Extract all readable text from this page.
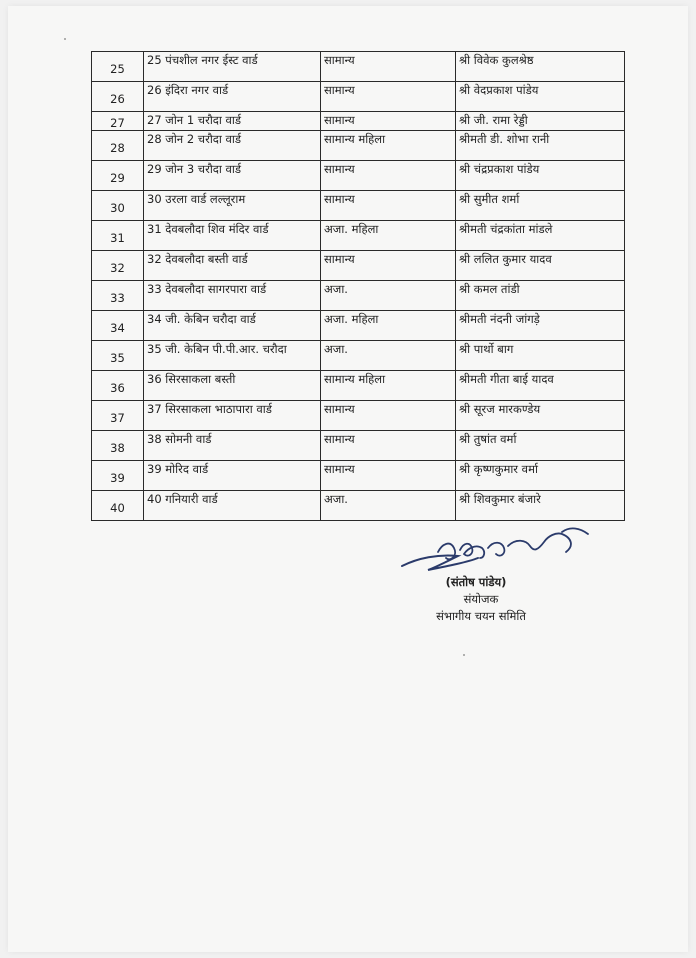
25	25 पंचशील नगर ईस्ट वार्ड	सामान्य	श्री विवेक कुलश्रेष्ठ
26	26 इंदिरा नगर वार्ड	सामान्य	श्री वेदप्रकाश पांडेय
27	27 जोन 1 चरौदा वार्ड	सामान्य	श्री जी. रामा रेड्डी
28	28 जोन 2 चरौदा वार्ड	सामान्य महिला	श्रीमती डी. शोभा रानी
29	29 जोन 3 चरौदा वार्ड	सामान्य	श्री चंद्रप्रकाश पांडेय
30	30 उरला वार्ड लल्लूराम	सामान्य	श्री सुमीत शर्मा
31	31 देवबलौदा शिव मंदिर वार्ड	अजा. महिला	श्रीमती चंद्रकांता मांडले
32	32 देवबलौदा बस्ती वार्ड	सामान्य	श्री ललित कुमार यादव
33	33 देवबलौदा सागरपारा वार्ड	अजा.	श्री कमल तांडी
34	34 जी. केबिन चरौदा वार्ड	अजा. महिला	श्रीमती नंदनी जांगड़े
35	35 जी. केबिन पी.पी.आर. चरौदा	अजा.	श्री पार्थो बाग
36	36 सिरसाकला बस्ती	सामान्य महिला	श्रीमती गीता बाई यादव
37	37 सिरसाकला भाठापारा वार्ड	सामान्य	श्री सूरज मारकण्डेय
38	38 सोमनी वार्ड	सामान्य	श्री तुषांत वर्मा
39	39 मोरिद वार्ड	सामान्य	श्री कृष्णकुमार वर्मा
40	40 गनियारी वार्ड	अजा.	श्री शिवकुमार बंजारे
(संतोष पांडेय)
संयोजक
संभागीय चयन समिति
